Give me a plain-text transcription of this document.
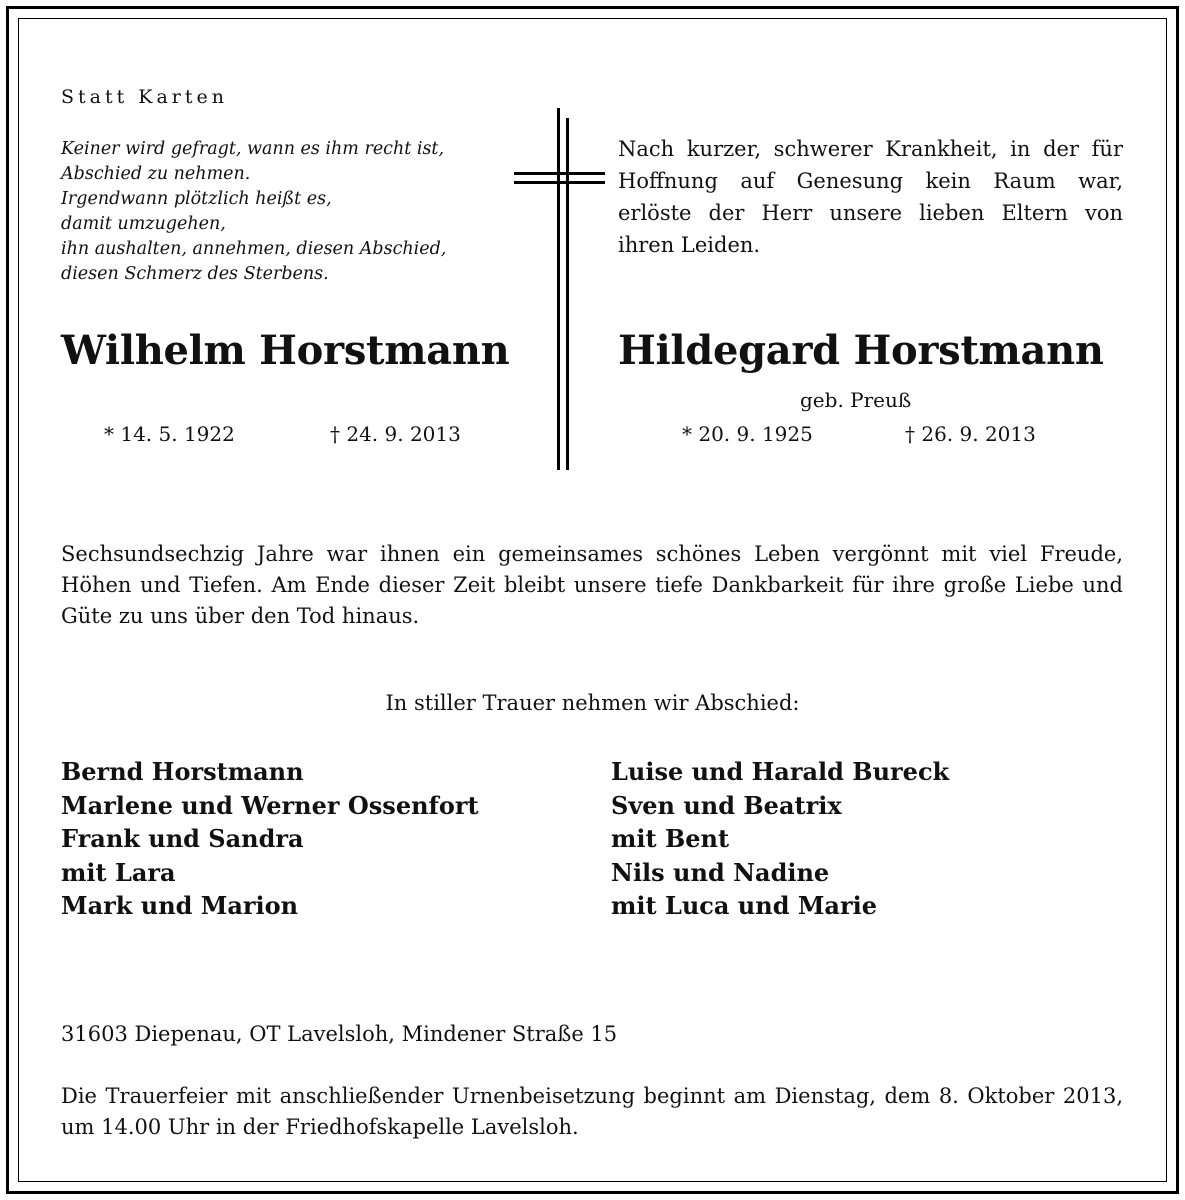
Statt Karten
Keiner wird gefragt, wann es ihm recht ist,
Abschied zu nehmen.
Irgendwann plötzlich heißt es,
damit umzugehen,
ihn aushalten, annehmen, diesen Abschied,
diesen Schmerz des Sterbens.
Nach kurzer, schwerer Krankheit, in der für Hoffnung auf Genesung kein Raum war, erlöste der Herr unsere lieben Eltern von ihren Leiden.
Wilhelm Horstmann	Hildegard Horstmann
geb. Preuß
* 14. 5. 1922	† 24. 9. 2013	* 20. 9. 1925	† 26. 9. 2013
Sechsundsechzig Jahre war ihnen ein gemeinsames schönes Leben vergönnt mit viel Freude, Höhen und Tiefen. Am Ende dieser Zeit bleibt unsere tiefe Dankbarkeit für ihre große Liebe und Güte zu uns über den Tod hinaus.
In stiller Trauer nehmen wir Abschied:
Bernd Horstmann
Marlene und Werner Ossenfort
Frank und Sandra
mit Lara
Mark und Marion
Luise und Harald Bureck
Sven und Beatrix
mit Bent
Nils und Nadine
mit Luca und Marie
31603 Diepenau, OT Lavelsloh, Mindener Straße 15
Die Trauerfeier mit anschließender Urnenbeisetzung beginnt am Dienstag, dem 8. Oktober 2013, um 14.00 Uhr in der Friedhofskapelle Lavelsloh.
